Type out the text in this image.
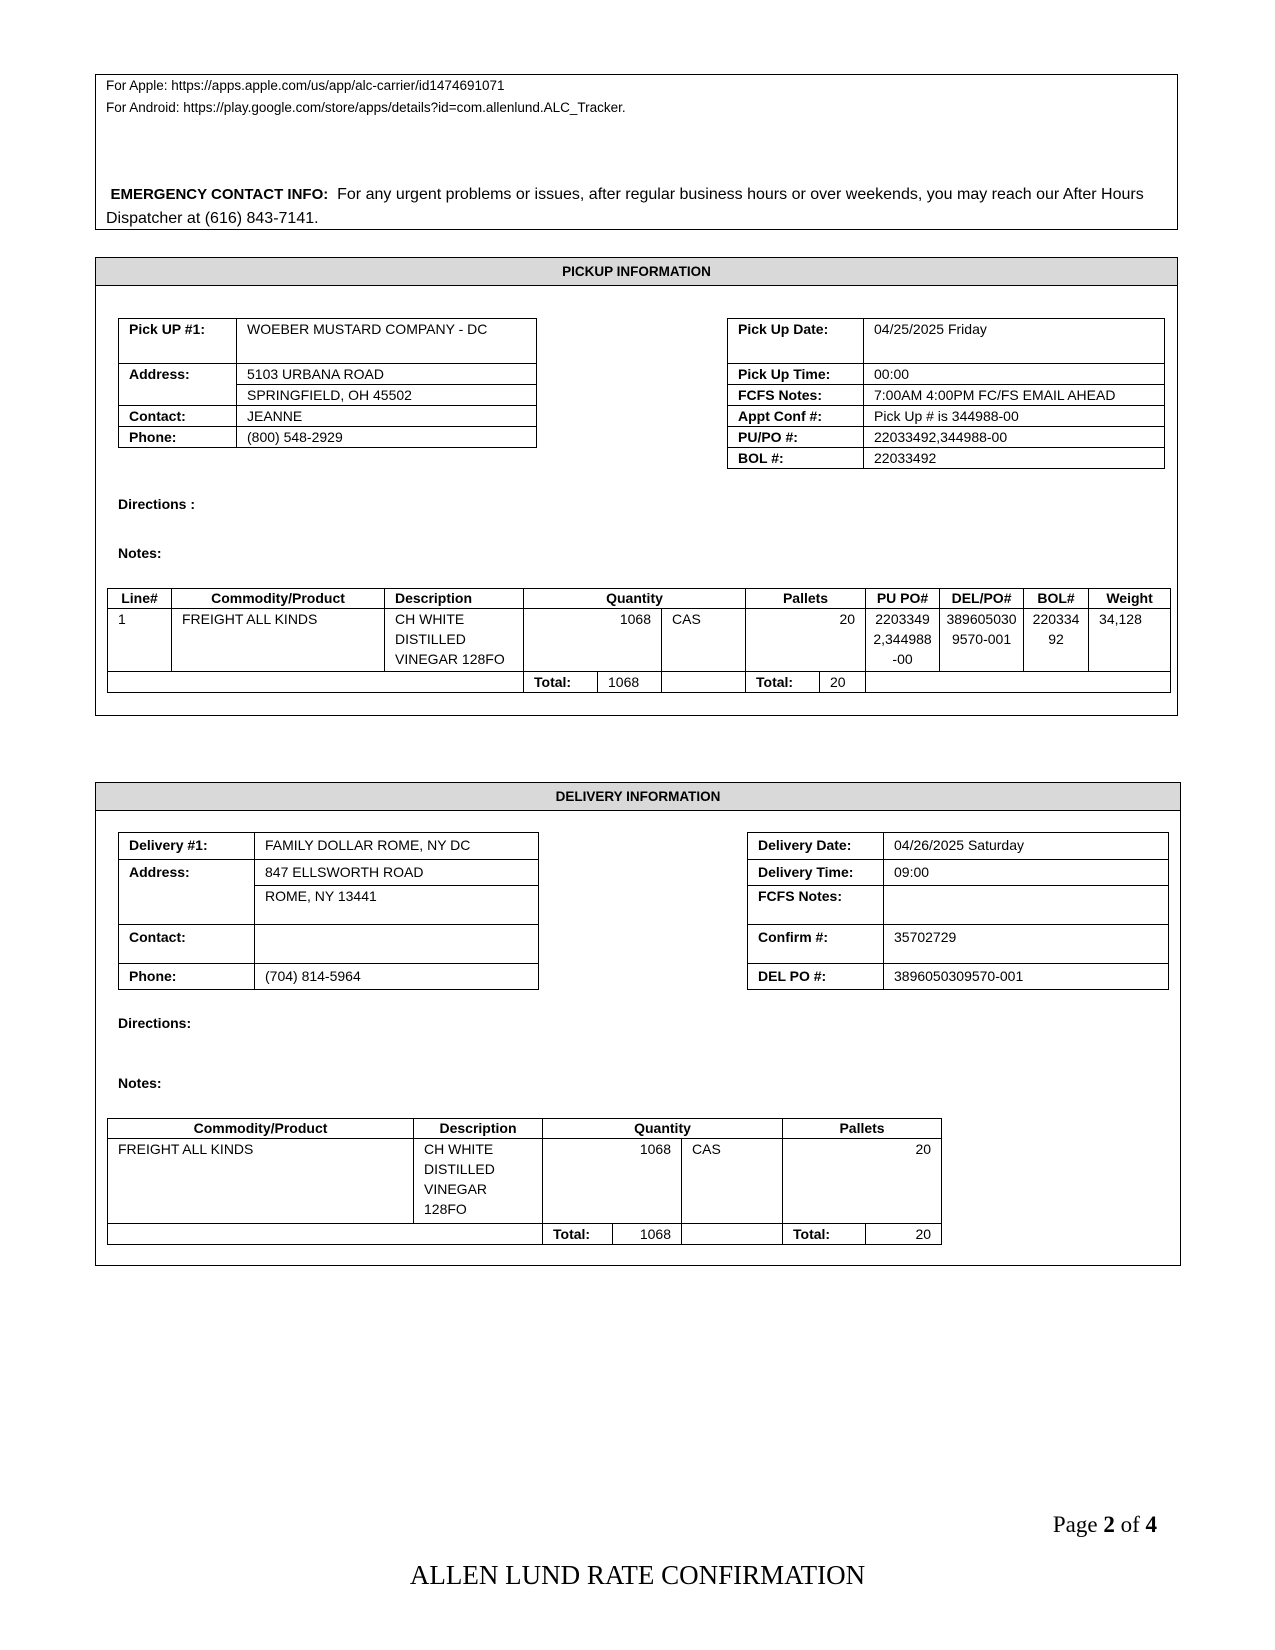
For Apple: https://apps.apple.com/us/app/alc-carrier/id1474691071
For Android: https://play.google.com/store/apps/details?id=com.allenlund.ALC_Tracker.
EMERGENCY CONTACT INFO: For any urgent problems or issues, after regular business hours or over weekends, you may reach our After Hours Dispatcher at (616) 843-7141.
PICKUP INFORMATION
Pick UP #1:	WOEBER MUSTARD COMPANY - DC
Address:	5103 URBANA ROAD
	SPRINGFIELD, OH 45502
Contact:	JEANNE
Phone:	(800) 548-2929
Pick Up Date:	04/25/2025 Friday
Pick Up Time:	00:00
FCFS Notes:	7:00AM 4:00PM FC/FS EMAIL AHEAD
Appt Conf #:	Pick Up # is 344988-00
PU/PO #:	22033492,344988-00
BOL #:	22033492
Directions :
Notes:
Line#	Commodity/Product	Description	Quantity			Pallets		PU PO#	DEL/PO#	BOL#	Weight
1	FREIGHT ALL KINDS	CH WHITE DISTILLED VINEGAR 128FO	1068		CAS	20		22033492,344988-00	3896050309570-001	22033492	34,128
			Total:	1068		Total:	20				
DELIVERY INFORMATION
Delivery #1:	FAMILY DOLLAR ROME, NY DC
Address:	847 ELLSWORTH ROAD
	ROME, NY 13441
Contact:	
Phone:	(704) 814-5964
Delivery Date:	04/26/2025 Saturday
Delivery Time:	09:00
FCFS Notes:	
Confirm #:	35702729
DEL PO #:	3896050309570-001
Directions:
Notes:
Commodity/Product	Description	Quantity			Pallets	
FREIGHT ALL KINDS	CH WHITE DISTILLED VINEGAR 128FO	1068		CAS	20	
		Total:	1068		Total:	20
Page 2 of 4
ALLEN LUND RATE CONFIRMATION
